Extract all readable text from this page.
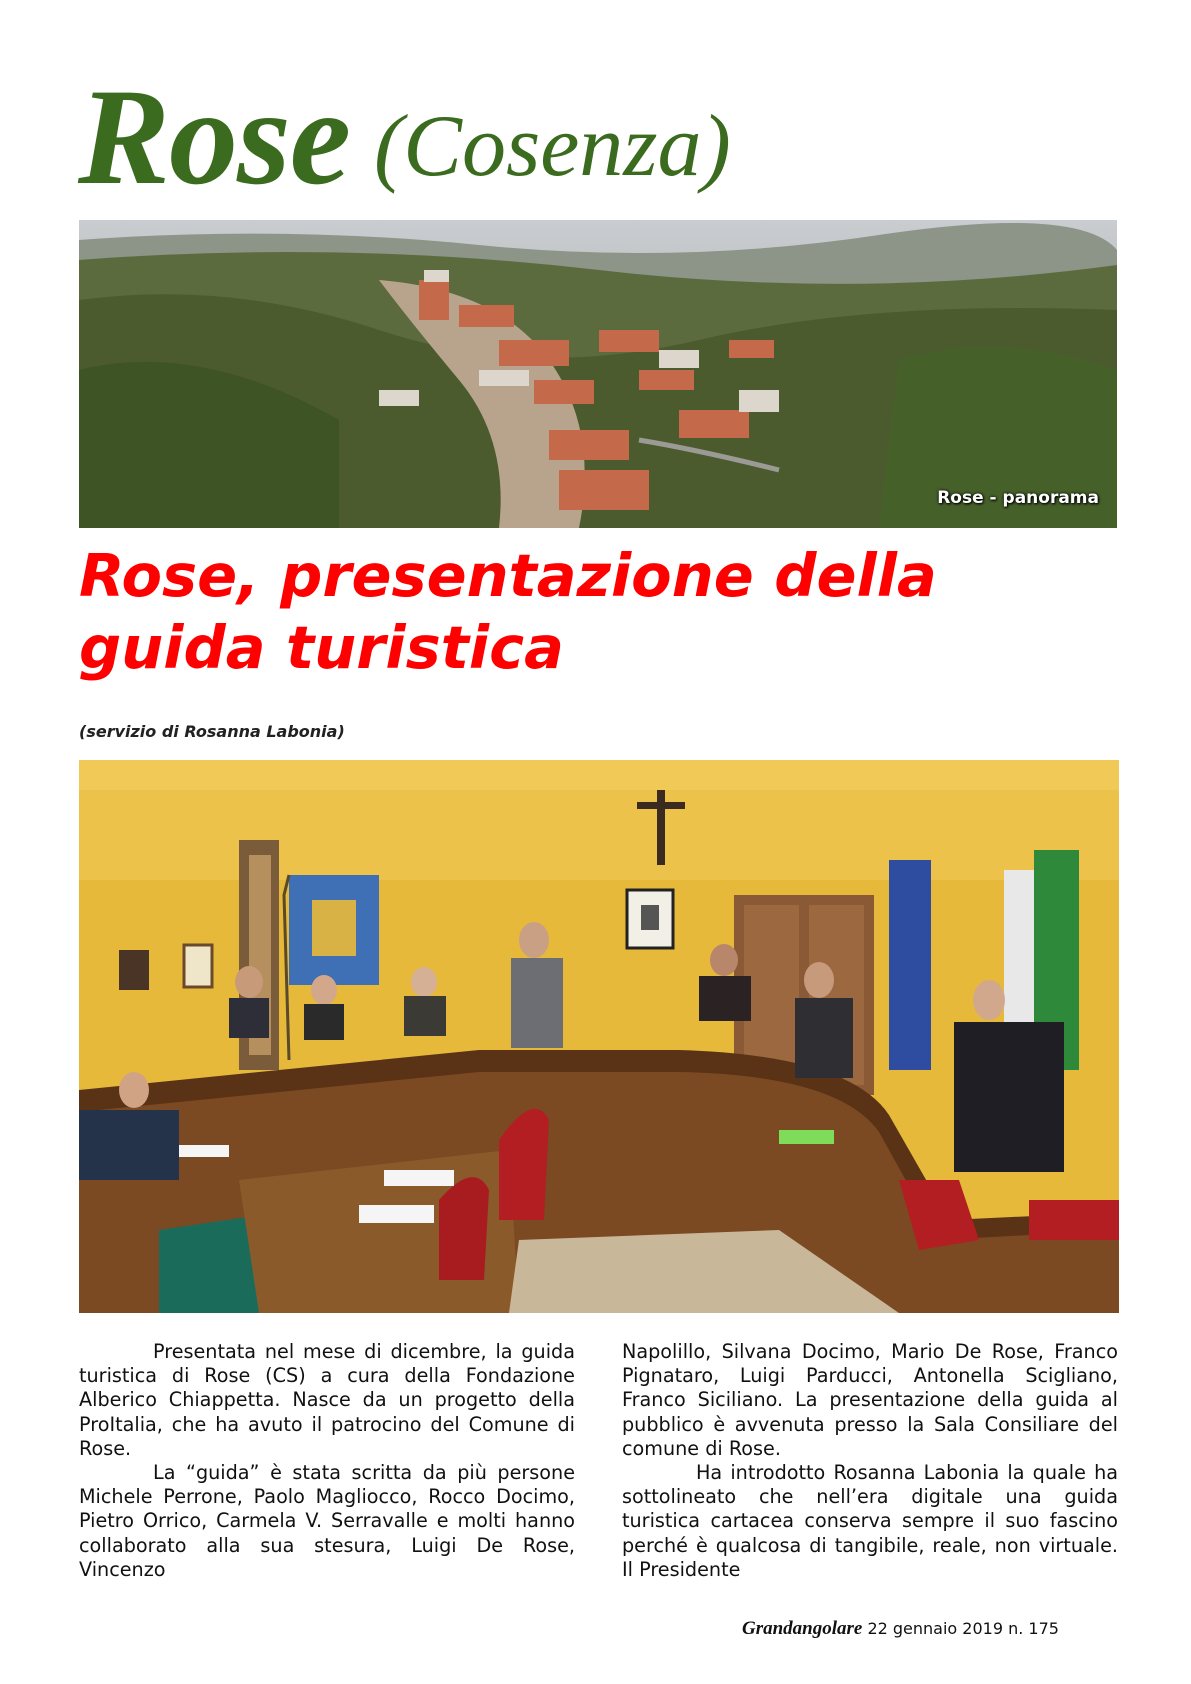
Rose (Cosenza)
Rose - panorama
Rose, presentazione della guida turistica
(servizio di Rosanna Labonia)

Presentata nel mese di dicembre, la guida turistica di Rose (CS) a cura della Fondazione Alberico Chiappetta. Nasce da un progetto della ProItalia, che ha avuto il patrocino del Comune di Rose.

La “guida” è stata scritta da più persone Michele Perrone, Paolo Magliocco, Rocco Docimo, Pietro Orrico, Carmela V. Serravalle e molti hanno collaborato alla sua stesura, Luigi De Rose, Vincenzo

Napolillo, Silvana Docimo, Mario De Rose, Franco Pignataro, Luigi Parducci, Antonella Scigliano, Franco Siciliano. La presentazione della guida al pubblico è avvenuta presso la Sala Consiliare del comune di Rose.

Ha introdotto Rosanna Labonia la quale ha sottolineato che nell’era digitale una guida turistica cartacea conserva sempre il suo fascino perché è qualcosa di tangibile, reale, non virtuale. Il Presidente

Grandangolare 22 gennaio 2019 n. 175
